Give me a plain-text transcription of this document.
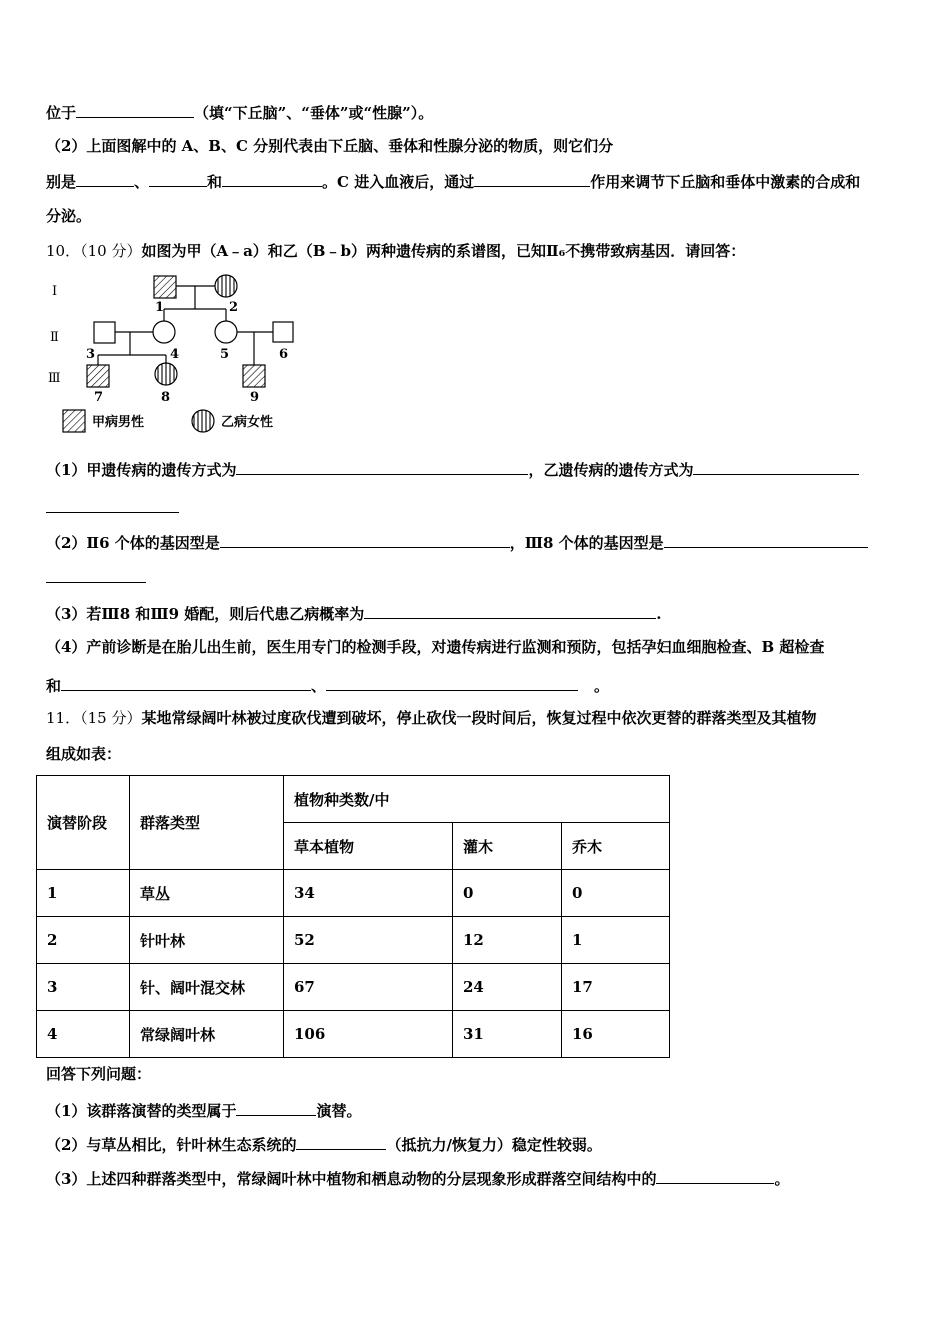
位于	（填“下丘脑”、“垂体”或“性腺”）。
（2）上面图解中的 A、B、C 分别代表由下丘脑、垂体和性腺分泌的物质，则它们分
别是	、	和	。C 进入血液后，通过	作用来调节下丘脑和垂体中激素的合成和
分泌。
10．（10 分）如图为甲（A﹣a）和乙（B﹣b）两种遗传病的系谱图，已知Ⅱ₆不携带致病基因．请回答：
Ⅰ
Ⅱ
Ⅲ
1	2
3	4	5	6
7	8	9
甲病男性	乙病女性
（1）甲遗传病的遗传方式为	，乙遗传病的遗传方式为
（2）Ⅱ6 个体的基因型是	，Ⅲ8 个体的基因型是
（3）若Ⅲ8 和Ⅲ9 婚配，则后代患乙病概率为	.
（4）产前诊断是在胎儿出生前，医生用专门的检测手段，对遗传病进行监测和预防，包括孕妇血细胞检查、B 超检查
和	、	。
11．（15 分）某地常绿阔叶林被过度砍伐遭到破坏，停止砍伐一段时间后，恢复过程中依次更替的群落类型及其植物
组成如表：
演替阶段	群落类型	植物种类数/中		
		草本植物	灌木	乔木
1	草丛	34	0	0
2	针叶林	52	12	1
3	针、阔叶混交林	67	24	17
4	常绿阔叶林	106	31	16
回答下列问题：
（1）该群落演替的类型属于	演替。
（2）与草丛相比，针叶林生态系统的	（抵抗力/恢复力）稳定性较弱。
（3）上述四种群落类型中，常绿阔叶林中植物和栖息动物的分层现象形成群落空间结构中的	。
